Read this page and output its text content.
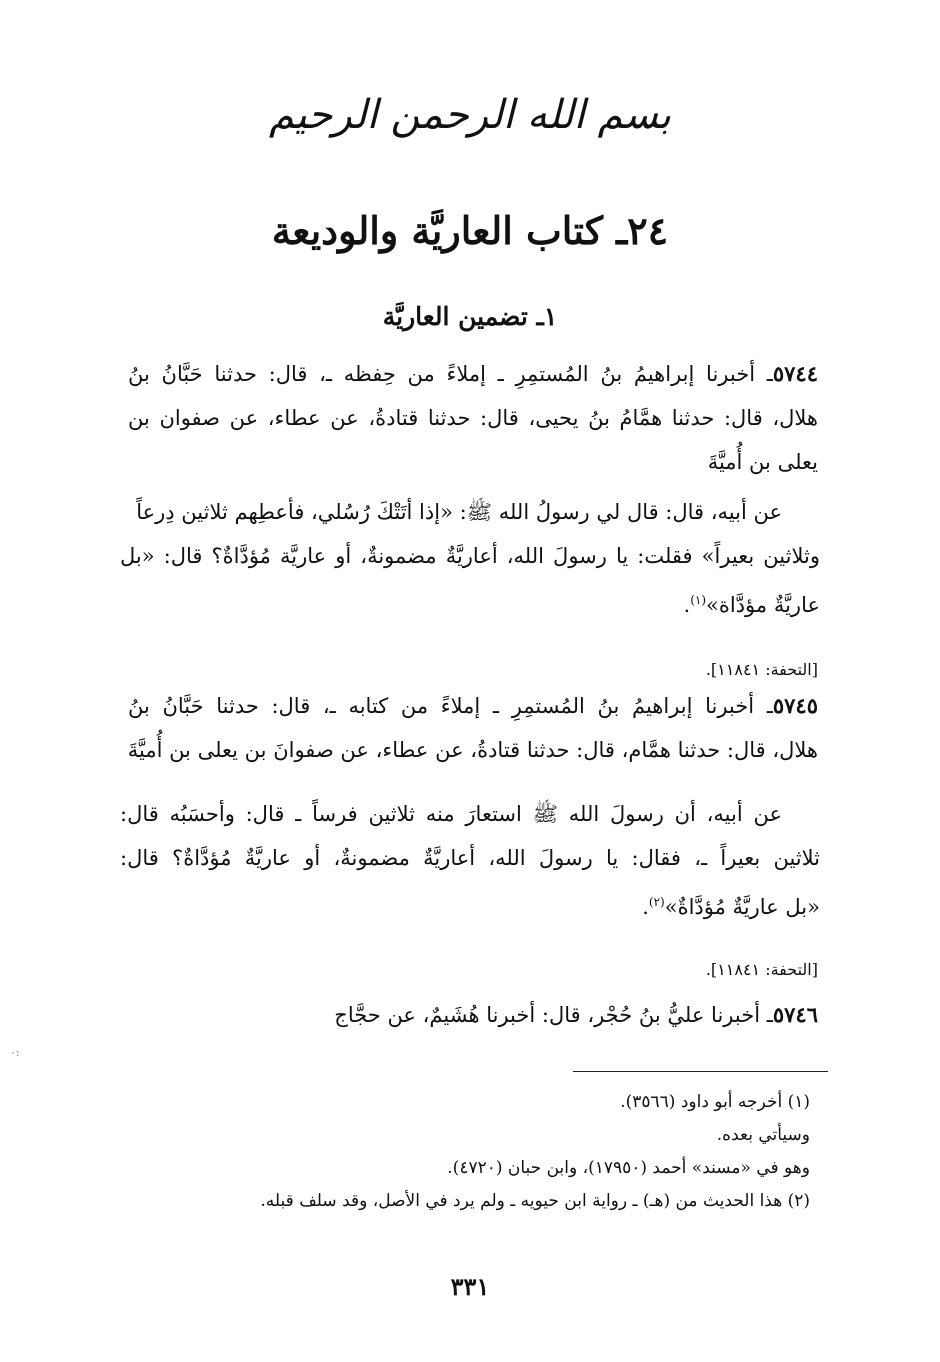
بسم الله الرحمن الرحيم
٢٤ـ كتاب العاريَّة والوديعة
١ـ تضمين العاريَّة
٥٧٤٤ـ أخبرنا إبراهيمُ بنُ المُستمِرِ ـ إملاءً من حِفظه ـ، قال: حدثنا حَبَّانُ بنُ
هلال، قال: حدثنا همَّامُ بنُ يحيى، قال: حدثنا قتادةُ، عن عطاء، عن صفوان بن
يعلى بن أُميَّةَ
عن أبيه، قال: قال لي رسولُ الله ﷺ: «إذا أتَتْكَ رُسُلي، فأعطِهم ثلاثين دِرعاً
وثلاثين بعيراً» فقلت: يا رسولَ الله، أعاريَّةٌ مضمونةٌ، أو عاريَّة مُؤدَّاةٌ؟ قال: «بل
عاريَّةٌ مؤدَّاة»$^{(١)}$.
[التحفة: ١١٨٤١].
٥٧٤٥ـ أخبرنا إبراهيمُ بنُ المُستمِرِ ـ إملاءً من كتابه ـ، قال: حدثنا حَبَّانُ بنُ
هلال، قال: حدثنا همَّام، قال: حدثنا قتادةُ، عن عطاء، عن صفوانَ بن يعلى بن أُميَّةَ
عن أبيه، أن رسولَ الله ﷺ استعارَ منه ثلاثين فرساً ـ قال: وأحسَبُه قال:
ثلاثين بعيراً ـ، فقال: يا رسولَ الله، أعاريَّةٌ مضمونةٌ، أو عاريَّةٌ مُؤدَّاةٌ؟ قال:
«بل عاريَّةٌ مُؤدَّاةٌ»$^{(٢)}$.
[التحفة: ١١٨٤١].
٥٧٤٦ـ أخبرنا عليُّ بنُ حُجْر، قال: أخبرنا هُشَيمٌ، عن حجَّاج
٠:
(١) أخرجه أبو داود (٣٥٦٦).
وسيأتي بعده.
وهو في «مسند» أحمد (١٧٩٥٠)، وابن حبان (٤٧٢٠).
(٢) هذا الحديث من (هـ) ـ رواية ابن حيويه ـ ولم يرد في الأصل، وقد سلف قبله.
٣٣١
